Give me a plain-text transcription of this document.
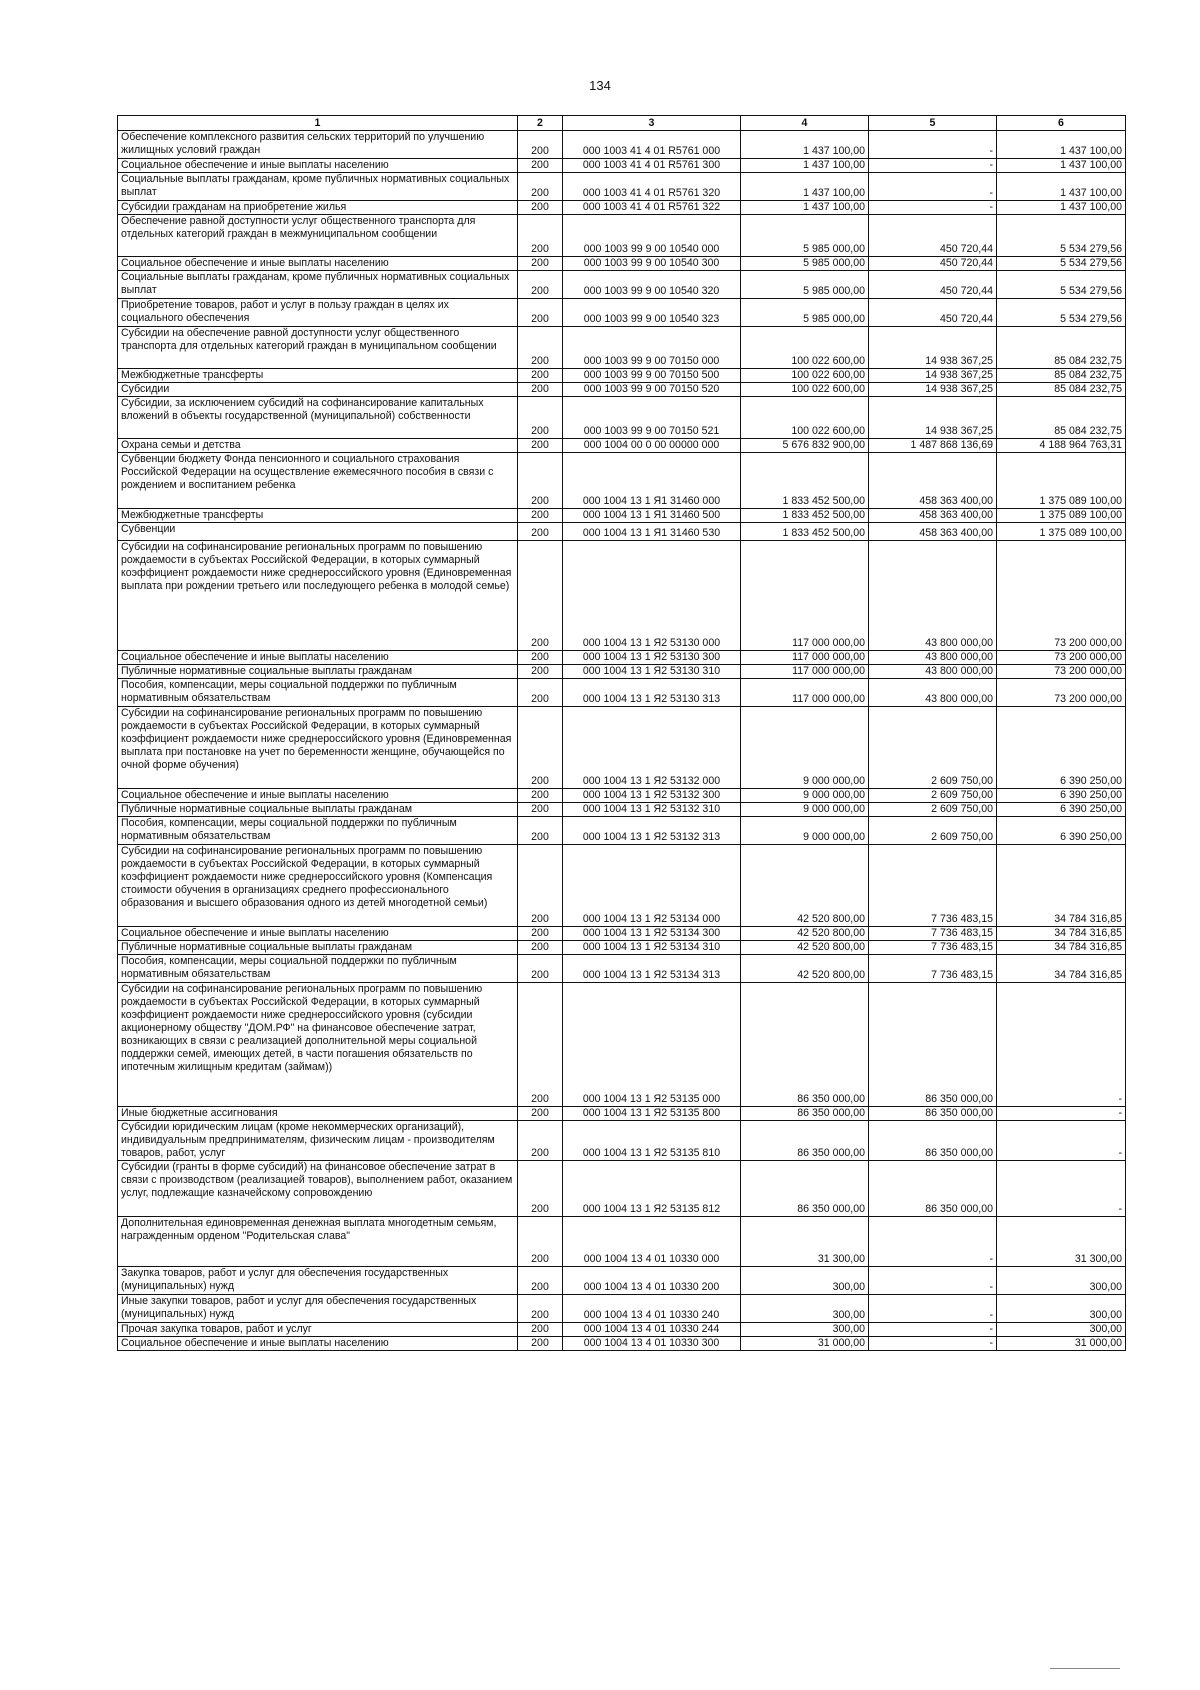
134
1	2	3	4	5	6
Обеспечение комплексного развития сельских территорий по улучшению жилищных условий граждан	200	000 1003 41 4 01 R5761 000	1 437 100,00	-	1 437 100,00
Социальное обеспечение и иные выплаты населению	200	000 1003 41 4 01 R5761 300	1 437 100,00	-	1 437 100,00
Социальные выплаты гражданам, кроме публичных нормативных социальных выплат	200	000 1003 41 4 01 R5761 320	1 437 100,00	-	1 437 100,00
Субсидии гражданам на приобретение жилья	200	000 1003 41 4 01 R5761 322	1 437 100,00	-	1 437 100,00
Обеспечение равной доступности услуг общественного транспорта для отдельных категорий граждан в межмуниципальном сообщении	200	000 1003 99 9 00 10540 000	5 985 000,00	450 720,44	5 534 279,56
Социальное обеспечение и иные выплаты населению	200	000 1003 99 9 00 10540 300	5 985 000,00	450 720,44	5 534 279,56
Социальные выплаты гражданам, кроме публичных нормативных социальных выплат	200	000 1003 99 9 00 10540 320	5 985 000,00	450 720,44	5 534 279,56
Приобретение товаров, работ и услуг в пользу граждан в целях их социального обеспечения	200	000 1003 99 9 00 10540 323	5 985 000,00	450 720,44	5 534 279,56
Субсидии на обеспечение равной доступности услуг общественного транспорта для отдельных категорий граждан в муниципальном сообщении	200	000 1003 99 9 00 70150 000	100 022 600,00	14 938 367,25	85 084 232,75
Межбюджетные трансферты	200	000 1003 99 9 00 70150 500	100 022 600,00	14 938 367,25	85 084 232,75
Субсидии	200	000 1003 99 9 00 70150 520	100 022 600,00	14 938 367,25	85 084 232,75
Субсидии, за исключением субсидий на софинансирование капитальных вложений в объекты государственной (муниципальной) собственности	200	000 1003 99 9 00 70150 521	100 022 600,00	14 938 367,25	85 084 232,75
Охрана семьи и детства	200	000 1004 00 0 00 00000 000	5 676 832 900,00	1 487 868 136,69	4 188 964 763,31
Субвенции бюджету Фонда пенсионного и социального страхования Российской Федерации на осуществление ежемесячного пособия в связи с рождением и воспитанием ребенка	200	000 1004 13 1 Я1 31460 000	1 833 452 500,00	458 363 400,00	1 375 089 100,00
Межбюджетные трансферты	200	000 1004 13 1 Я1 31460 500	1 833 452 500,00	458 363 400,00	1 375 089 100,00
Субвенции	200	000 1004 13 1 Я1 31460 530	1 833 452 500,00	458 363 400,00	1 375 089 100,00
Субсидии на софинансирование региональных программ по повышению рождаемости в субъектах Российской Федерации, в которых суммарный коэффициент рождаемости ниже среднероссийского уровня (Единовременная выплата при рождении третьего или последующего ребенка в молодой семье)	200	000 1004 13 1 Я2 53130 000	117 000 000,00	43 800 000,00	73 200 000,00
Социальное обеспечение и иные выплаты населению	200	000 1004 13 1 Я2 53130 300	117 000 000,00	43 800 000,00	73 200 000,00
Публичные нормативные социальные выплаты гражданам	200	000 1004 13 1 Я2 53130 310	117 000 000,00	43 800 000,00	73 200 000,00
Пособия, компенсации, меры социальной поддержки по публичным нормативным обязательствам	200	000 1004 13 1 Я2 53130 313	117 000 000,00	43 800 000,00	73 200 000,00
Субсидии на софинансирование региональных программ по повышению рождаемости в субъектах Российской Федерации, в которых суммарный коэффициент рождаемости ниже среднероссийского уровня (Единовременная выплата при постановке на учет по беременности женщине, обучающейся по очной форме обучения)	200	000 1004 13 1 Я2 53132 000	9 000 000,00	2 609 750,00	6 390 250,00
Социальное обеспечение и иные выплаты населению	200	000 1004 13 1 Я2 53132 300	9 000 000,00	2 609 750,00	6 390 250,00
Публичные нормативные социальные выплаты гражданам	200	000 1004 13 1 Я2 53132 310	9 000 000,00	2 609 750,00	6 390 250,00
Пособия, компенсации, меры социальной поддержки по публичным нормативным обязательствам	200	000 1004 13 1 Я2 53132 313	9 000 000,00	2 609 750,00	6 390 250,00
Субсидии на софинансирование региональных программ по повышению рождаемости в субъектах Российской Федерации, в которых суммарный коэффициент рождаемости ниже среднероссийского уровня (Компенсация стоимости обучения в организациях среднего профессионального образования и высшего образования одного из детей многодетной семьи)	200	000 1004 13 1 Я2 53134 000	42 520 800,00	7 736 483,15	34 784 316,85
Социальное обеспечение и иные выплаты населению	200	000 1004 13 1 Я2 53134 300	42 520 800,00	7 736 483,15	34 784 316,85
Публичные нормативные социальные выплаты гражданам	200	000 1004 13 1 Я2 53134 310	42 520 800,00	7 736 483,15	34 784 316,85
Пособия, компенсации, меры социальной поддержки по публичным нормативным обязательствам	200	000 1004 13 1 Я2 53134 313	42 520 800,00	7 736 483,15	34 784 316,85
Субсидии на софинансирование региональных программ по повышению рождаемости в субъектах Российской Федерации, в которых суммарный коэффициент рождаемости ниже среднероссийского уровня (субсидии акционерному обществу "ДОМ.РФ" на финансовое обеспечение затрат, возникающих в связи с реализацией дополнительной меры социальной поддержки семей, имеющих детей, в части погашения обязательств по ипотечным жилищным кредитам (займам))	200	000 1004 13 1 Я2 53135 000	86 350 000,00	86 350 000,00	-
Иные бюджетные ассигнования	200	000 1004 13 1 Я2 53135 800	86 350 000,00	86 350 000,00	-
Субсидии юридическим лицам (кроме некоммерческих организаций), индивидуальным предпринимателям, физическим лицам - производителям товаров, работ, услуг	200	000 1004 13 1 Я2 53135 810	86 350 000,00	86 350 000,00	-
Субсидии (гранты в форме субсидий) на финансовое обеспечение затрат в связи с производством (реализацией товаров), выполнением работ, оказанием услуг, подлежащие казначейскому сопровождению	200	000 1004 13 1 Я2 53135 812	86 350 000,00	86 350 000,00	-
Дополнительная единовременная денежная выплата многодетным семьям, награжденным орденом "Родительская слава"	200	000 1004 13 4 01 10330 000	31 300,00	-	31 300,00
Закупка товаров, работ и услуг для обеспечения государственных (муниципальных) нужд	200	000 1004 13 4 01 10330 200	300,00	-	300,00
Иные закупки товаров, работ и услуг для обеспечения государственных (муниципальных) нужд	200	000 1004 13 4 01 10330 240	300,00	-	300,00
Прочая закупка товаров, работ и услуг	200	000 1004 13 4 01 10330 244	300,00	-	300,00
Социальное обеспечение и иные выплаты населению	200	000 1004 13 4 01 10330 300	31 000,00	-	31 000,00
